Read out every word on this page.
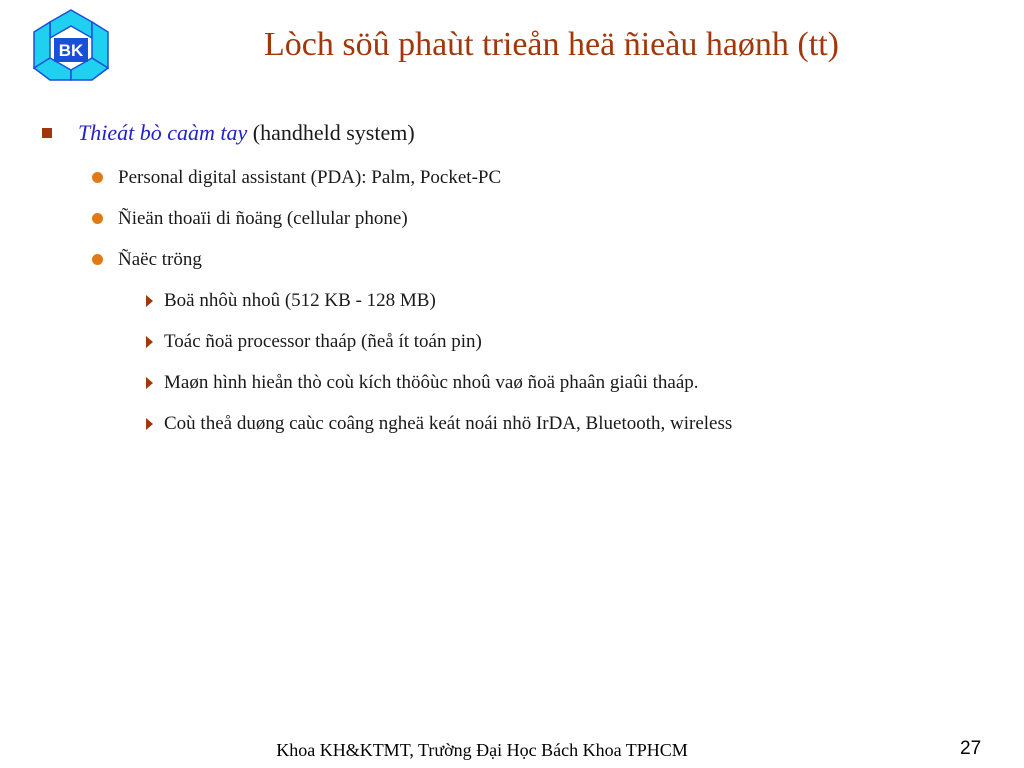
BK	Lòch söû phaùt trieån heä ñieàu haønh (tt)
Thieát bò caàm tay (handheld system)
Personal digital assistant (PDA): Palm, Pocket-PC
Ñieän thoaïi di ñoäng (cellular phone)
Ñaëc tröng
Boä nhôù nhoû (512 KB - 128 MB)
Toác ñoä processor thaáp (ñeå ít toán pin)
Maøn hình hieån thò coù kích thöôùc nhoû vaø ñoä phaân giaûi thaáp.
Coù theå duøng caùc coâng ngheä keát noái nhö IrDA, Bluetooth, wireless
Khoa KH&KTMT, Trường Đại Học Bách Khoa TPHCM	27
